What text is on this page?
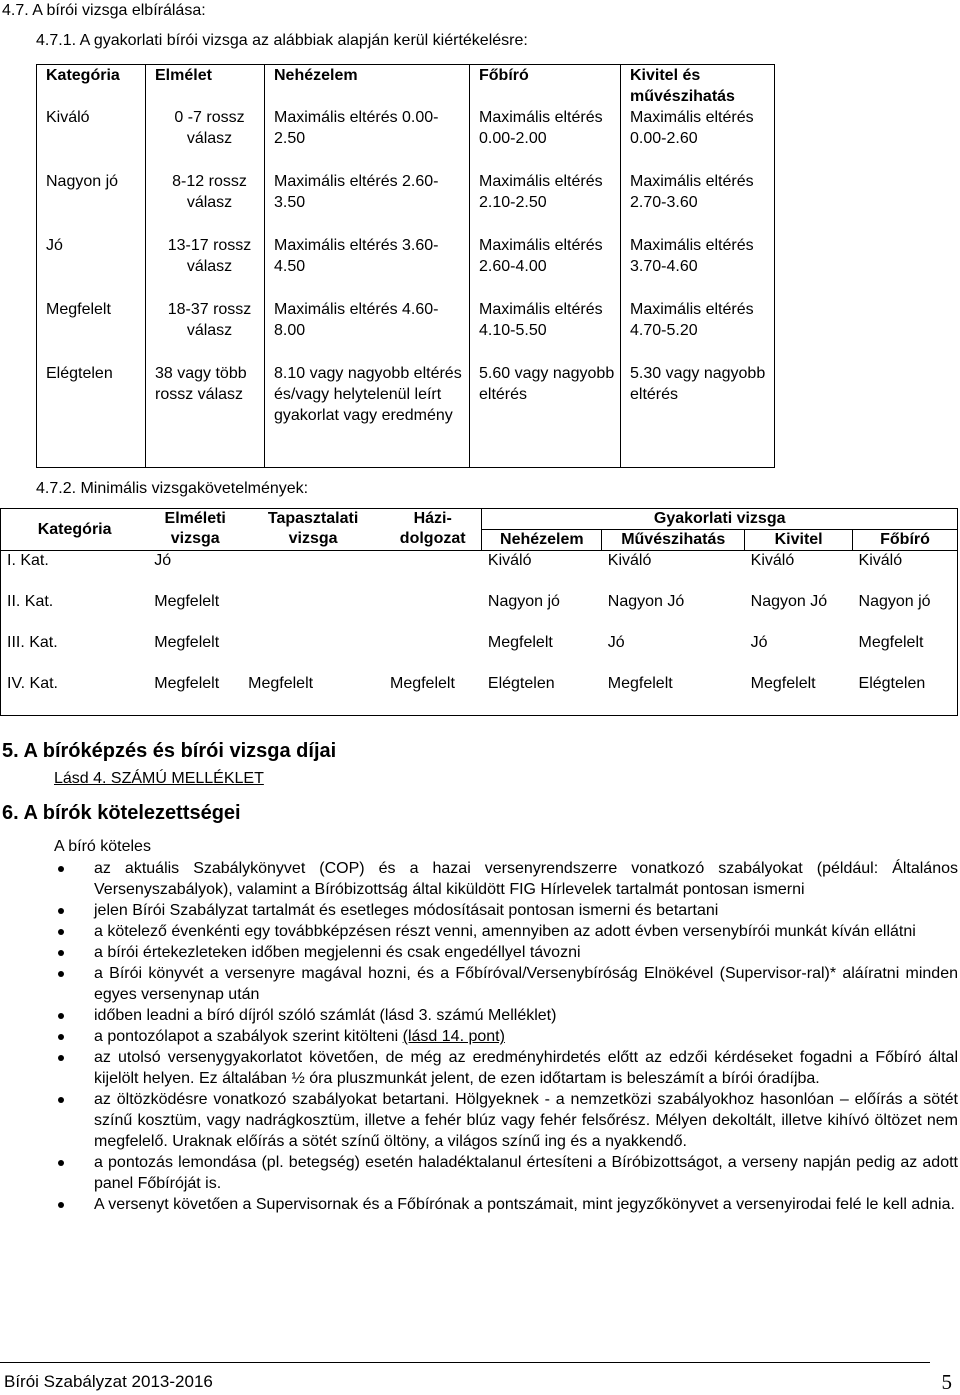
4.7. A bírói vizsga elbírálása:
4.7.1. A gyakorlati bírói vizsga az alábbiak alapján kerül kiértékelésre:
Kategória	Elmélet	Nehézelem	Főbíró	Kivitel és művészihatás
Kiváló	0 -7 rossz válasz	Maximális eltérés 0.00-2.50	Maximális eltérés 0.00-2.00	Maximális eltérés 0.00-2.60
Nagyon jó	8-12 rossz válasz	Maximális eltérés 2.60-3.50	Maximális eltérés 2.10-2.50	Maximális eltérés 2.70-3.60
Jó	13-17 rossz válasz	Maximális eltérés 3.60-4.50	Maximális eltérés 2.60-4.00	Maximális eltérés 3.70-4.60
Megfelelt	18-37 rossz válasz	Maximális eltérés 4.60-8.00	Maximális eltérés 4.10-5.50	Maximális eltérés 4.70-5.20
Elégtelen	38 vagy több rossz válasz	8.10 vagy nagyobb eltérés és/vagy helytelenül leírt gyakorlat vagy eredmény	5.60 vagy nagyobb eltérés	5.30 vagy nagyobb eltérés
4.7.2. Minimális vizsgakövetelmények:
Kategória	Elméleti vizsga	Tapasztalati vizsga	Házi-dolgozat	Gyakorlati vizsga			
				Nehézelem	Művészihatás	Kivitel	Főbíró
I. Kat.	Jó			Kiváló	Kiváló	Kiváló	Kiváló
II. Kat.	Megfelelt			Nagyon jó	Nagyon Jó	Nagyon Jó	Nagyon jó
III. Kat.	Megfelelt			Megfelelt	Jó	Jó	Megfelelt
IV. Kat.	Megfelelt	Megfelelt	Megfelelt	Elégtelen	Megfelelt	Megfelelt	Elégtelen
5. A bíróképzés és bírói vizsga díjai
Lásd 4. SZÁMÚ MELLÉKLET
6. A bírók kötelezettségei
A bíró köteles
az aktuális Szabálykönyvet (COP) és a hazai versenyrendszerre vonatkozó szabályokat (például: Általános Versenyszabályok), valamint a Bíróbizottság által kiküldött FIG Hírlevelek tartalmát pontosan ismerni
jelen Bírói Szabályzat tartalmát és esetleges módosításait pontosan ismerni és betartani
a kötelező évenkénti egy továbbképzésen részt venni, amennyiben az adott évben versenybírói munkát kíván ellátni
a bírói értekezleteken időben megjelenni és csak engedéllyel távozni
a Bírói könyvét a versenyre magával hozni, és a Főbíróval/Versenybíróság Elnökével (Supervisor-ral)* aláíratni minden egyes versenynap után
időben leadni a bíró díjról szóló számlát (lásd 3. számú Melléklet)
a pontozólapot a szabályok szerint kitölteni (lásd 14. pont)
az utolsó versenygyakorlatot követően, de még az eredményhirdetés előtt az edzői kérdéseket fogadni a Főbíró által kijelölt helyen. Ez általában ½ óra pluszmunkát jelent, de ezen időtartam is beleszámít a bírói óradíjba.
az öltözködésre vonatkozó szabályokat betartani. Hölgyeknek - a nemzetközi szabályokhoz hasonlóan – előírás a sötét színű kosztüm, vagy nadrágkosztüm, illetve a fehér blúz vagy fehér felsőrész. Mélyen dekoltált, illetve kihívó öltözet nem megfelelő. Uraknak előírás a sötét színű öltöny, a világos színű ing és a nyakkendő.
a pontozás lemondása (pl. betegség) esetén haladéktalanul értesíteni a Bíróbizottságot, a verseny napján pedig az adott panel Főbíróját is.
A versenyt követően a Supervisornak és a Főbírónak a pontszámait, mint jegyzőkönyvet a versenyirodai felé le kell adnia.
Bírói Szabályzat 2013-2016	5
